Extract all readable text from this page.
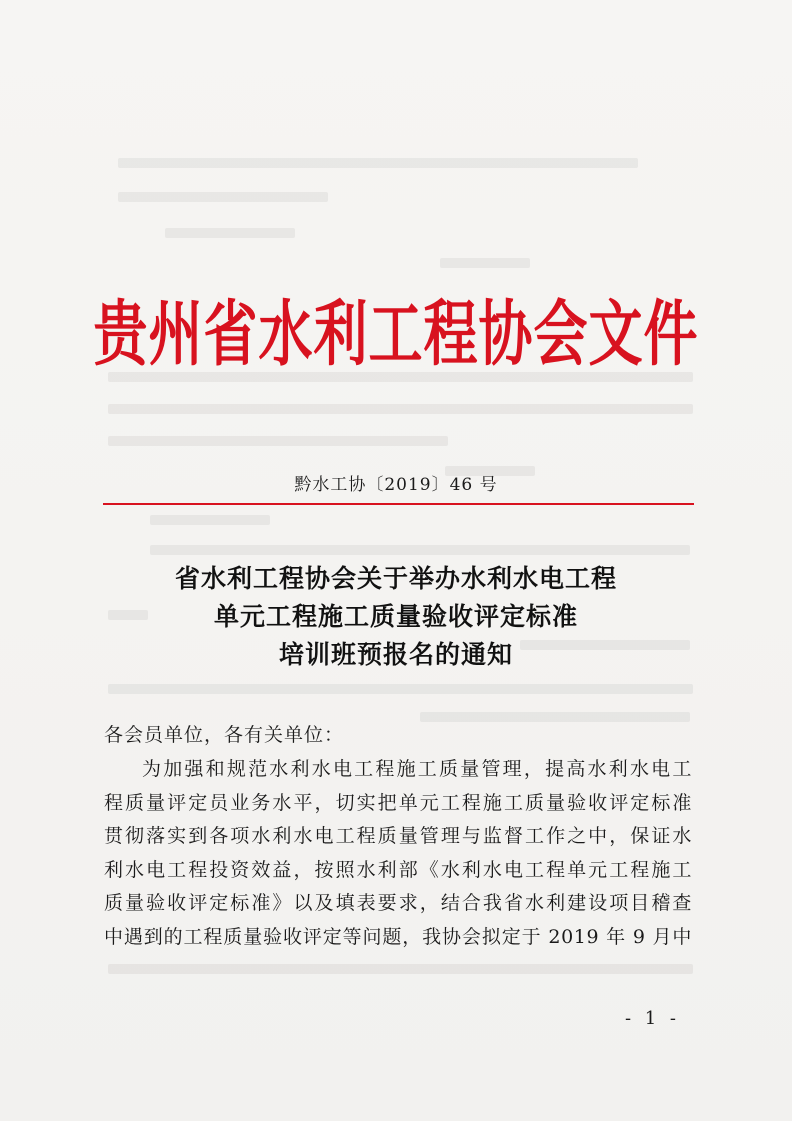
贵州省水利工程协会文件
黔水工协〔2019〕46 号
省水利工程协会关于举办水利水电工程
单元工程施工质量验收评定标准
培训班预报名的通知
各会员单位，各有关单位：
为加强和规范水利水电工程施工质量管理，提高水利水电工
程质量评定员业务水平，切实把单元工程施工质量验收评定标准
贯彻落实到各项水利水电工程质量管理与监督工作之中，保证水
利水电工程投资效益，按照水利部《水利水电工程单元工程施工
质量验收评定标准》以及填表要求，结合我省水利建设项目稽查
中遇到的工程质量验收评定等问题，我协会拟定于 2019 年 9 月中
- 1 -
